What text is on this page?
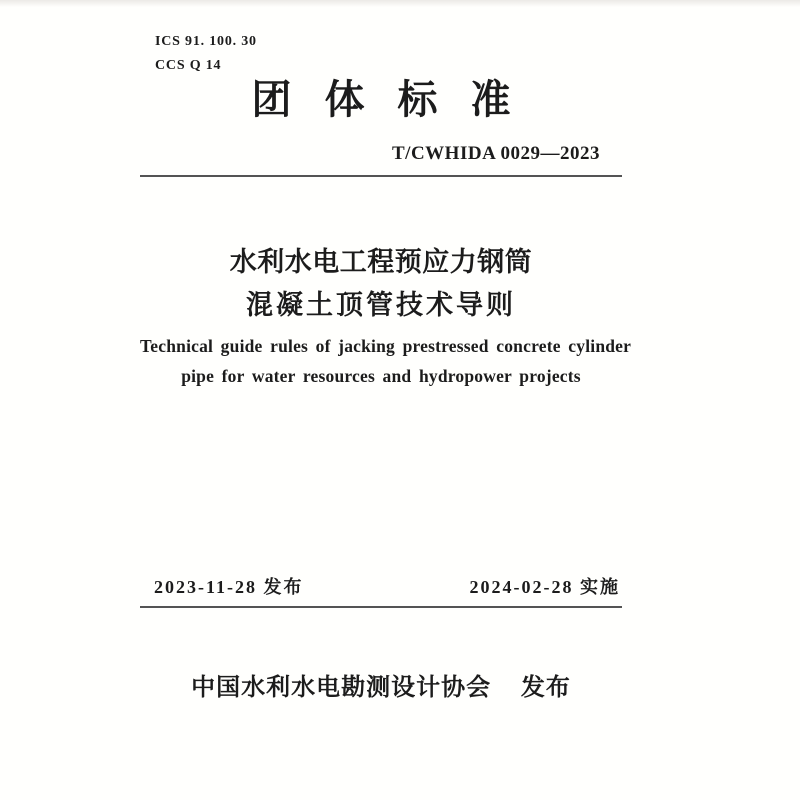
ICS 91. 100. 30
CCS Q 14
团体标准
T/CWHIDA 0029—2023
水利水电工程预应力钢筒
混凝土顶管技术导则
Technical guide rules of jacking prestressed concrete cylinder
pipe for water resources and hydropower projects
2023-11-28 发布	2024-02-28 实施
中国水利水电勘测设计协会 发布
